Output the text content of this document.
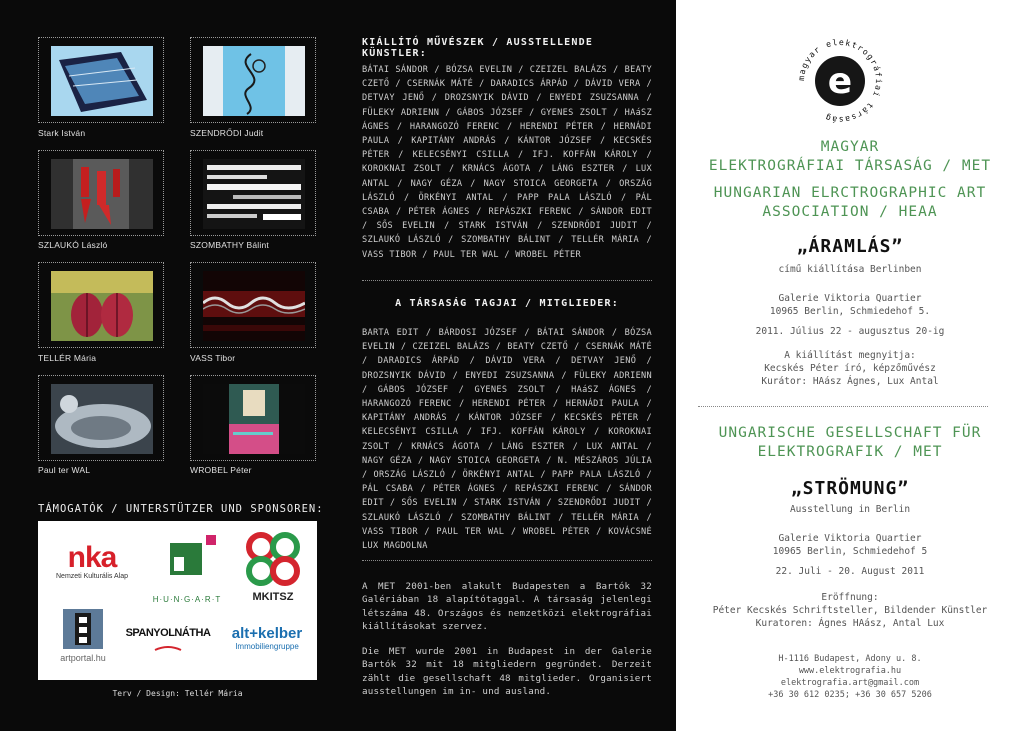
Stark István	SZENDRŐDI Judit
SZLAUKÓ László	SZOMBATHY Bálint
TELLÉR Mária	VASS Tibor
Paul ter WAL	WROBEL Péter
TÁMOGATÓK / UNTERSTÜTZER UND SPONSOREN:
nka
Nemzeti Kulturális Alap
H·U·N·G·A·R·T	MKITSZ
artportal.hu
SPANYOLNÁTHA	alt+kelber
Immobiliengruppe
Terv / Design: Tellér Mária
KIÁLLÍTÓ MŰVÉSZEK / AUSSTELLENDE KÜNSTLER:
BÁTAI SÁNDOR / BÓZSA EVELIN / CZEIZEL BALÁZS / BEATY CZETŐ / CSERNÁK MÁTÉ / DARADICS ÁRPÁD / DÁVID VERA / DETVAY JENŐ / DROZSNYIK DÁVID / ENYEDI ZSUZSANNA / FÜLEKY ADRIENN / GÁBOS JÓZSEF / GYENES ZSOLT / HAáSZ ÁGNES / HARANGOZÓ FERENC / HERENDI PÉTER / HERNÁDI PAULA / KAPITÁNY ANDRÁS / KÁNTOR JÓZSEF / KECSKÉS PÉTER / KELECSÉNYI CSILLA / IFJ. KOFFÁN KÁROLY / KOROKNAI ZSOLT / KRNÁCS ÁGOTA / LÁNG ESZTER / LUX ANTAL / NAGY GÉZA / NAGY STOICA GEORGETA / ORSZÁG LÁSZLÓ / ÖRKÉNYI ANTAL / PAPP PALA LÁSZLÓ / PÁL CSABA / PÉTER ÁGNES / REPÁSZKI FERENC / SÁNDOR EDIT / SŐS EVELIN / STARK ISTVÁN / SZENDRŐDI JUDIT / SZLAUKÓ LÁSZLÓ / SZOMBATHY BÁLINT / TELLÉR MÁRIA / VASS TIBOR / PAUL TER WAL / WROBEL PÉTER
A TÁRSASÁG TAGJAI / MITGLIEDER:
BARTA EDIT / BÁRDOSI JÓZSEF / BÁTAI SÁNDOR / BÓZSA EVELIN / CZEIZEL BALÁZS / BEATY CZETŐ / CSERNÁK MÁTÉ / DARADICS ÁRPÁD / DÁVID VERA / DETVAY JENŐ / DROZSNYIK DÁVID / ENYEDI ZSUZSANNA / FÜLEKY ADRIENN / GÁBOS JÓZSEF / GYENES ZSOLT / HAáSZ ÁGNES / HARANGOZÓ FERENC / HERENDI PÉTER / HERNÁDI PAULA / KAPITÁNY ANDRÁS / KÁNTOR JÓZSEF / KECSKÉS PÉTER / KELECSÉNYI CSILLA / IFJ. KOFFÁN KÁROLY / KOROKNAI ZSOLT / KRNÁCS ÁGOTA / LÁNG ESZTER / LUX ANTAL / NAGY GÉZA / NAGY STOICA GEORGETA / N. MÉSZÁROS JÚLIA / ORSZÁG LÁSZLÓ / ÖRKÉNYI ANTAL / PAPP PALA LÁSZLÓ / PÁL CSABA / PÉTER ÁGNES / REPÁSZKI FERENC / SÁNDOR EDIT / SŐS EVELIN / STARK ISTVÁN / SZENDRŐDI JUDIT / SZLAUKÓ LÁSZLÓ / SZOMBATHY BÁLINT / TELLÉR MÁRIA / VASS TIBOR / PAUL TER WAL / WROBEL PÉTER / KOVÁCSNÉ LUX MAGDOLNA
A MET 2001-ben alakult Budapesten a Bartók 32 Galériában 18 alapítótaggal. A társaság jelenlegi létszáma 48. Országos és nemzetközi elektrográfiai kiállításokat szervez.
Die MET wurde 2001 in Budapest in der Galerie Bartók 32 mit 18 mitgliedern gegründet. Derzeit zählt die gesellschaft 48 mitglieder. Organisiert ausstellungen im in- und ausland.
magyar elektrográfiai társaság
e
MAGYAR
ELEKTROGRÁFIAI TÁRSASÁG / MET
HUNGARIAN ELRCTROGRAPHIC ART
ASSOCIATION / HEAA
„ÁRAMLÁS”
című kiállítása Berlinben
Galerie Viktoria Quartier
10965 Berlin, Schmiedehof 5.
2011. Július 22 - augusztus 20-ig
A kiállítást megnyitja:
Kecskés Péter író, képzőművész
Kurátor: HAász Ágnes, Lux Antal
UNGARISCHE GESELLSCHAFT FÜR
ELEKTROGRAFIK / MET
„STRÖMUNG”
Ausstellung in Berlin
Galerie Viktoria Quartier
10965 Berlin, Schmiedehof 5
22. Juli - 20. August 2011
Eröffnung:
Péter Kecskés Schriftsteller, Bildender Künstler
Kuratoren: Ágnes HAász, Antal Lux
H-1116 Budapest, Adony u. 8.
www.elektrografia.hu
elektrografia.art@gmail.com
+36 30 612 0235; +36 30 657 5206
